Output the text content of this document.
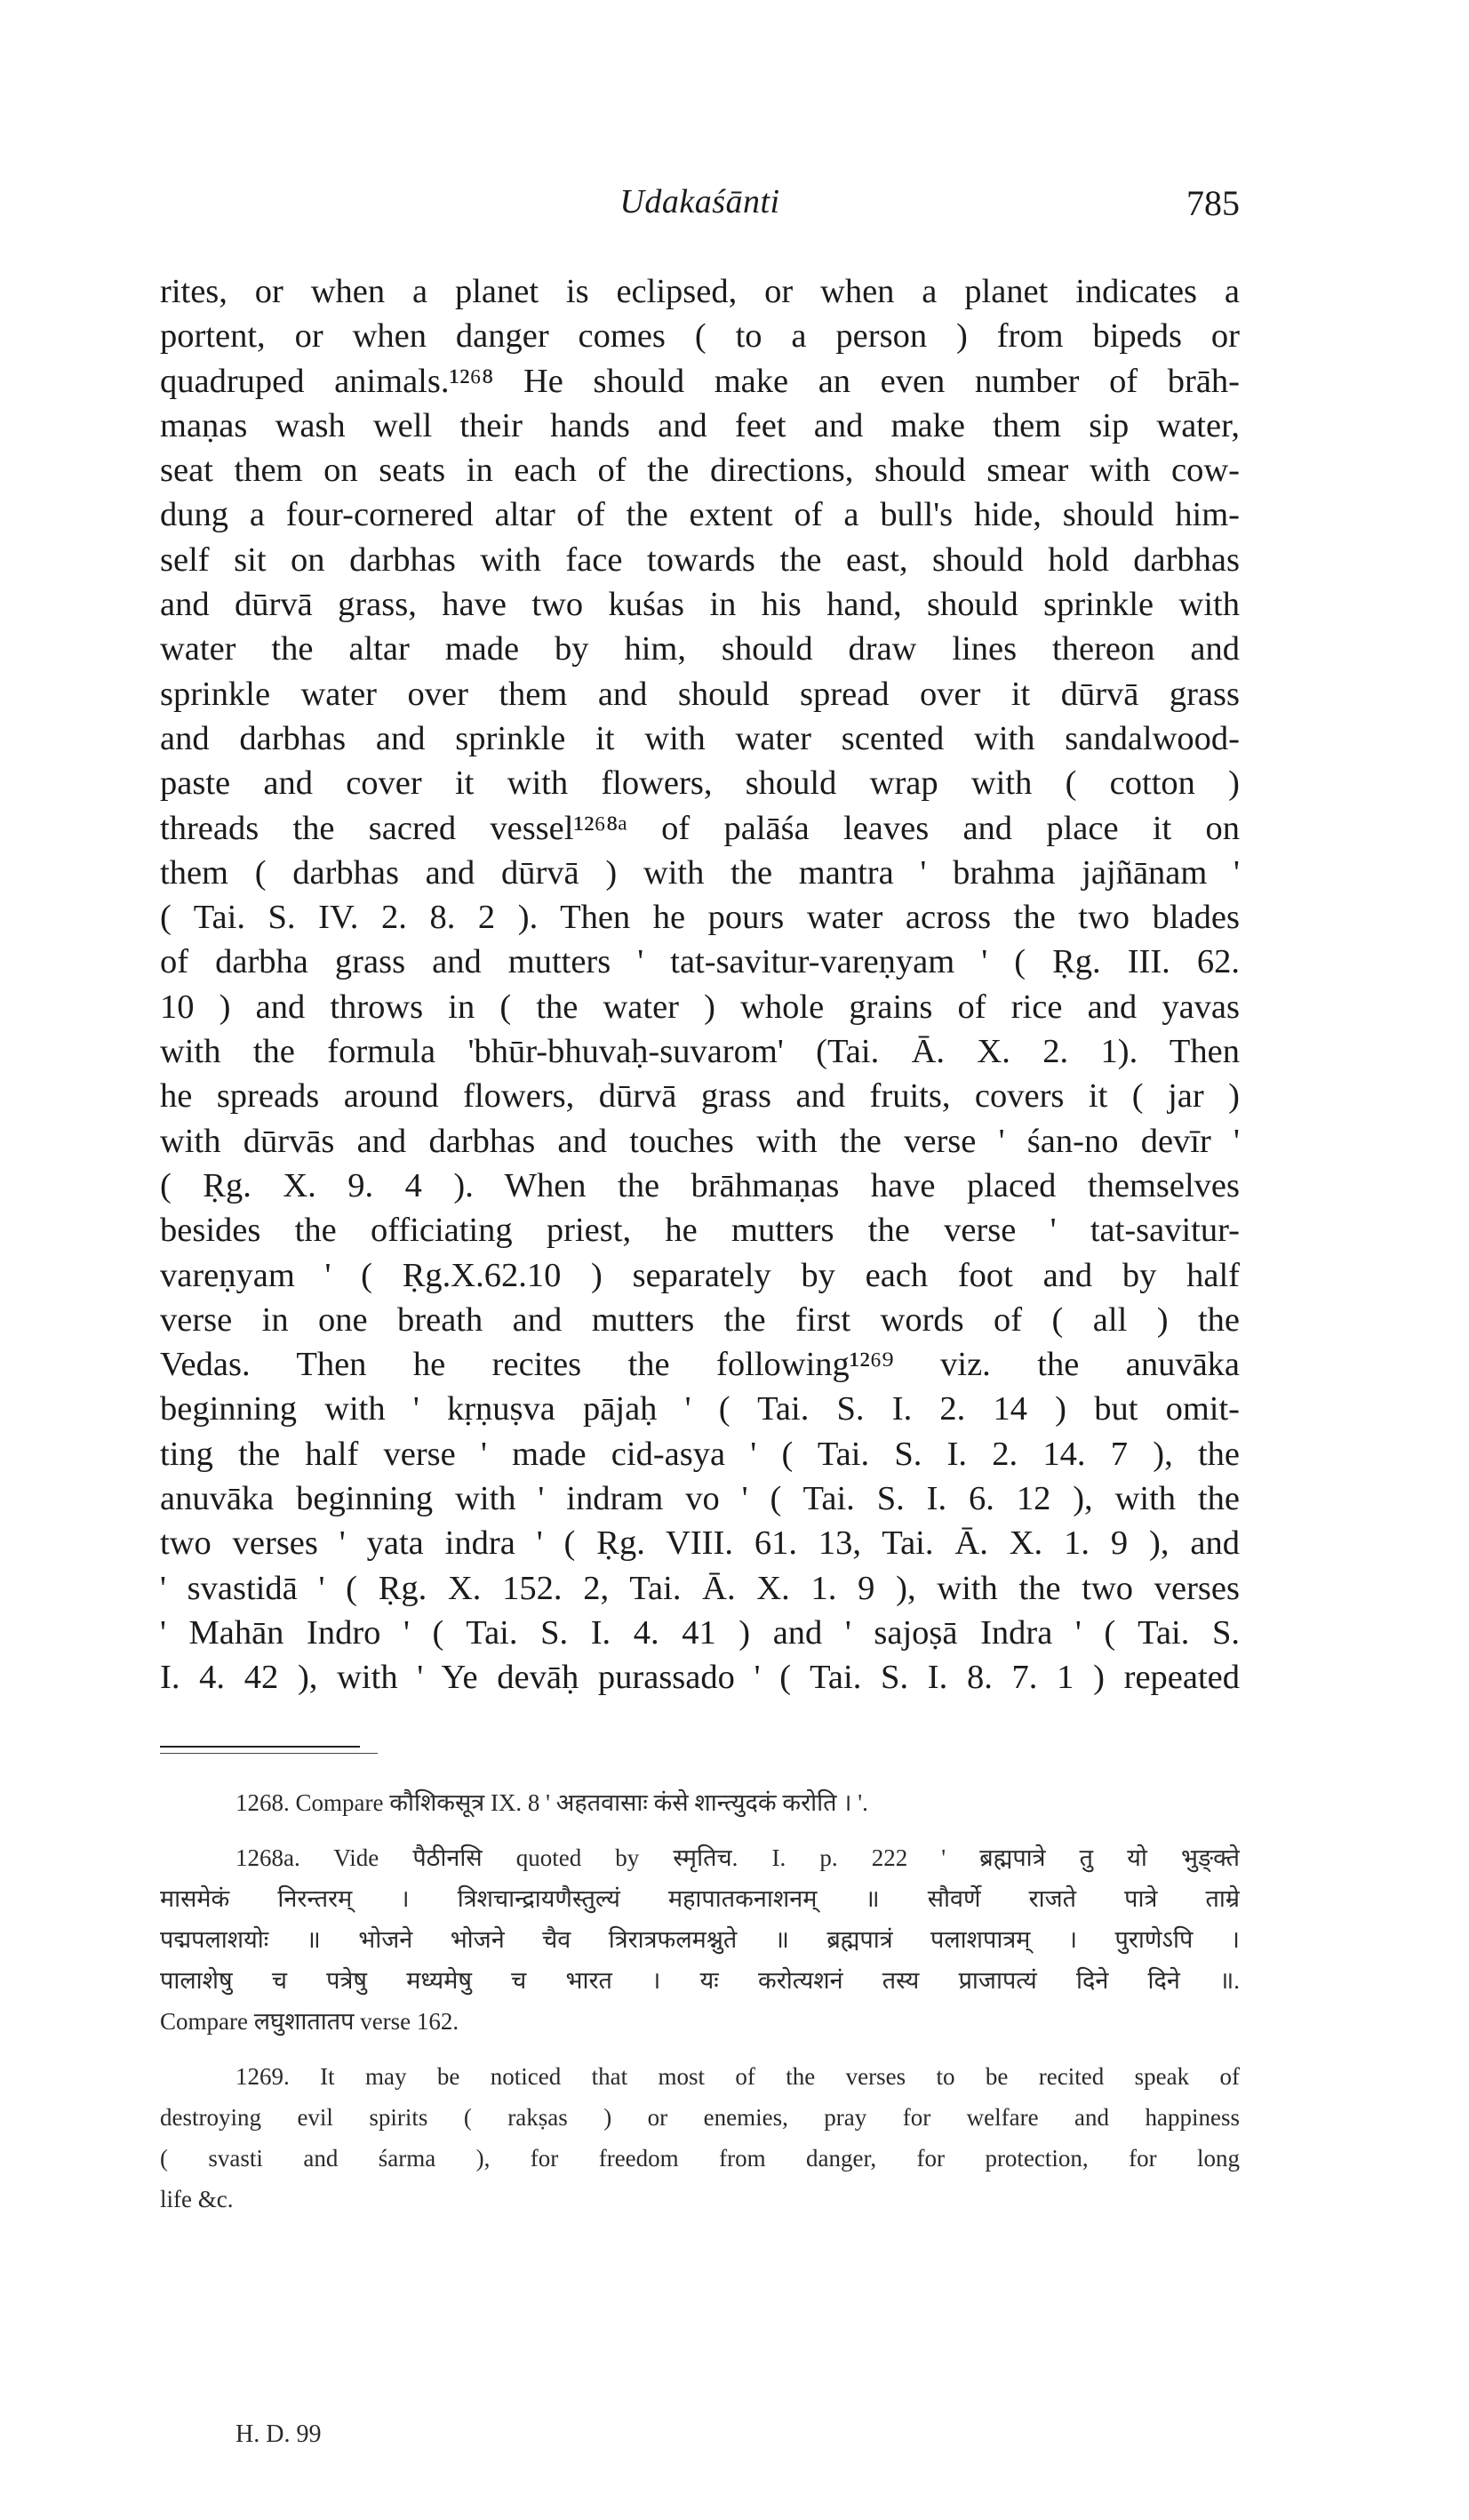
Udakaśānti	785
rites, or when a planet is eclipsed, or when a planet indicates a
portent, or when danger comes ( to a person ) from bipeds or
quadruped animals.¹²⁶⁸ He should make an even number of brāh-
maṇas wash well their hands and feet and make them sip water,
seat them on seats in each of the directions, should smear with cow-
dung a four-cornered altar of the extent of a bull's hide, should him-
self sit on darbhas with face towards the east, should hold darbhas
and dūrvā grass, have two kuśas in his hand, should sprinkle with
water the altar made by him, should draw lines thereon and
sprinkle water over them and should spread over it dūrvā grass
and darbhas and sprinkle it with water scented with sandalwood-
paste and cover it with flowers, should wrap with ( cotton )
threads the sacred vessel¹²⁶⁸ᵃ of palāśa leaves and place it on
them ( darbhas and dūrvā ) with the mantra ' brahma jajñānam '
( Tai. S. IV. 2. 8. 2 ). Then he pours water across the two blades
of darbha grass and mutters ' tat-savitur-vareṇyam ' ( Ṛg. III. 62.
10 ) and throws in ( the water ) whole grains of rice and yavas
with the formula 'bhūr-bhuvaḥ-suvarom' (Tai. Ā. X. 2. 1). Then
he spreads around flowers, dūrvā grass and fruits, covers it ( jar )
with dūrvās and darbhas and touches with the verse ' śan-no devīr '
( Ṛg. X. 9. 4 ). When the brāhmaṇas have placed themselves
besides the officiating priest, he mutters the verse ' tat-savitur-
vareṇyam ' ( Ṛg.X.62.10 ) separately by each foot and by half
verse in one breath and mutters the first words of ( all ) the
Vedas. Then he recites the following¹²⁶⁹ viz. the anuvāka
beginning with ' kṛṇuṣva pājaḥ ' ( Tai. S. I. 2. 14 ) but omit-
ting the half verse ' made cid-asya ' ( Tai. S. I. 2. 14. 7 ), the
anuvāka beginning with ' indram vo ' ( Tai. S. I. 6. 12 ), with the
two verses ' yata indra ' ( Ṛg. VIII. 61. 13, Tai. Ā. X. 1. 9 ), and
' svastidā ' ( Ṛg. X. 152. 2, Tai. Ā. X. 1. 9 ), with the two verses
' Mahān Indro ' ( Tai. S. I. 4. 41 ) and ' sajoṣā Indra ' ( Tai. S.
I. 4. 42 ), with ' Ye devāḥ purassado ' ( Tai. S. I. 8. 7. 1 ) repeated
1268. Compare कौशिकसूत्र IX. 8 ' अहतवासाः कंसे शान्त्युदकं करोति । '.
1268a. Vide पैठीनसि quoted by स्मृतिच. I. p. 222 ' ब्रह्मपात्रे तु यो भुङ्क्ते
मासमेकं निरन्तरम् । त्रिशचान्द्रायणैस्तुल्यं महापातकनाशनम् ॥ सौवर्णे राजते पात्रे ताम्रे
पद्मपलाशयोः ॥ भोजने भोजने चैव त्रिरात्रफलमश्नुते ॥ ब्रह्मपात्रं पलाशपात्रम् । पुराणेऽपि ।
पालाशेषु च पत्रेषु मध्यमेषु च भारत । यः करोत्यशनं तस्य प्राजापत्यं दिने दिने ॥.
Compare लघुशातातप verse 162.
1269. It may be noticed that most of the verses to be recited speak of
destroying evil spirits ( rakṣas ) or enemies, pray for welfare and happiness
( svasti and śarma ), for freedom from danger, for protection, for long
life &c.
H. D. 99
